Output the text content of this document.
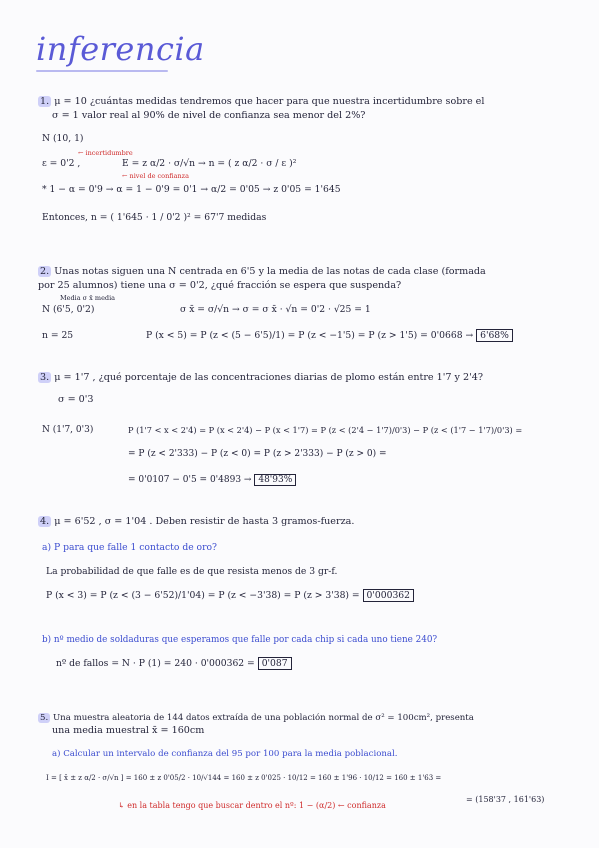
inferencia
1. μ = 10 ¿cuántas medidas tendremos que hacer para que nuestra incertidumbre sobre el
σ = 1 valor real al 90% de nivel de confianza sea menor del 2%?
N (10, 1)
ε = 0'2 ,
← incertidumbre
E = z α/2 · σ/√n → n = ( z α/2 · σ / ε )²
← nivel de confianza
* 1 − α = 0'9 → α = 1 − 0'9 = 0'1 → α/2 = 0'05 → z 0'05 = 1'645
Entonces, n = ( 1'645 · 1 / 0'2 )² = 67'7 medidas
2. Unas notas siguen una N centrada en 6'5 y la media de las notas de cada clase (formada
por 25 alumnos) tiene una σ = 0'2, ¿qué fracción se espera que suspenda?
Media σ x̄ media
N (6'5, 0'2)	σ x̄ = σ/√n → σ = σ x̄ · √n = 0'2 · √25 = 1
n = 25	P (x < 5) = P (z < (5 − 6'5)/1) = P (z < −1'5) = P (z > 1'5) = 0'0668 → 6'68%
3. μ = 1'7 , ¿qué porcentaje de las concentraciones diarias de plomo están entre 1'7 y 2'4?
σ = 0'3
N (1'7, 0'3)	P (1'7 < x < 2'4) = P (x < 2'4) − P (x < 1'7) = P (z < (2'4 − 1'7)/0'3) − P (z < (1'7 − 1'7)/0'3) =
= P (z < 2'333) − P (z < 0) = P (z > 2'333) − P (z > 0) =
= 0'0107 − 0'5 = 0'4893 → 48'93%
4. μ = 6'52 , σ = 1'04 . Deben resistir de hasta 3 gramos-fuerza.
a) P para que falle 1 contacto de oro?
La probabilidad de que falle es de que resista menos de 3 gr-f.
P (x < 3) = P (z < (3 − 6'52)/1'04) = P (z < −3'38) = P (z > 3'38) = 0'000362
b) nº medio de soldaduras que esperamos que falle por cada chip si cada uno tiene 240?
nº de fallos = N · P (1) = 240 · 0'000362 = 0'087
5. Una muestra aleatoria de 144 datos extraída de una población normal de σ² = 100cm², presenta
una media muestral x̄ = 160cm
a) Calcular un intervalo de confianza del 95 por 100 para la media poblacional.
I = [ x̄ ± z α/2 · σ/√n ] = 160 ± z 0'05/2 · 10/√144 = 160 ± z 0'025 · 10/12 = 160 ± 1'96 · 10/12 = 160 ± 1'63 =
= (158'37 , 161'63)
↳ en la tabla tengo que buscar dentro el nº: 1 − (α/2) ← confianza
